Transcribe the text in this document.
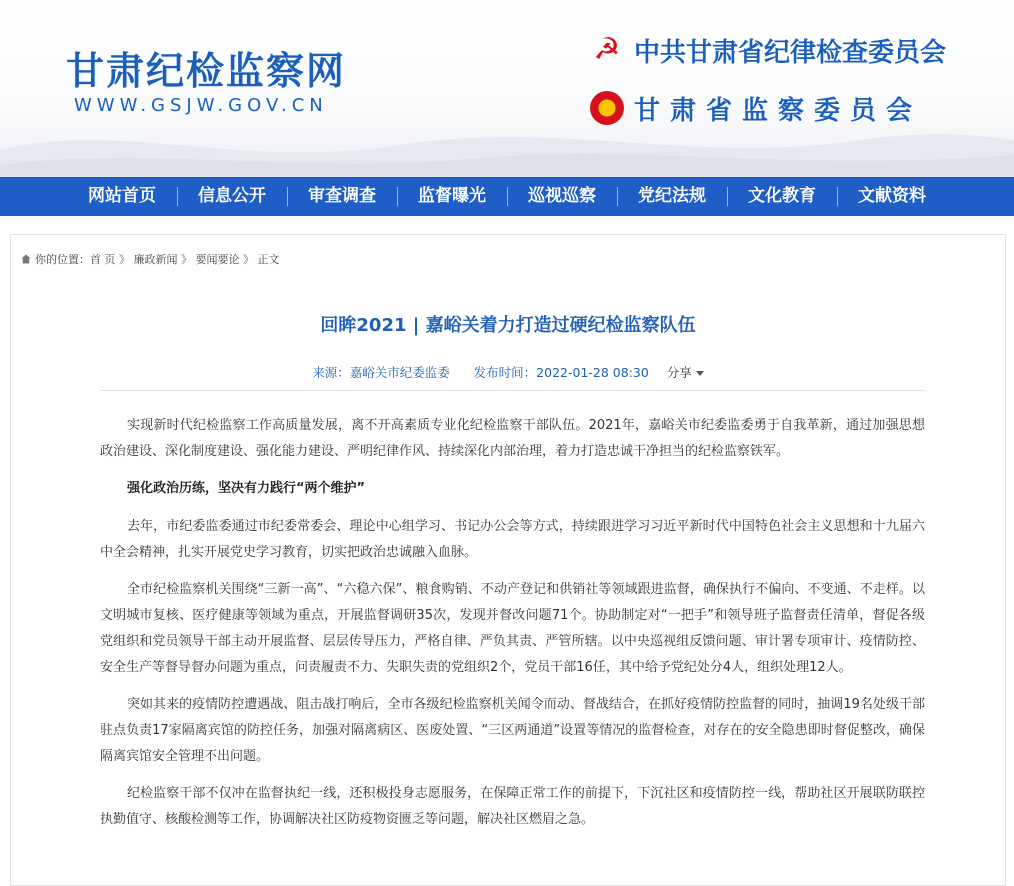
甘肃纪检监察网
WWW.GSJW.GOV.CN
☭ 中共甘肃省纪律检查委员会
甘肃省监察委员会
网站首页	信息公开	审查调查	监督曝光	巡视巡察	党纪法规	文化教育	文献资料
你的位置： 首 页 》
廉政新闻 》
要闻要论 》
正文
回眸2021 | 嘉峪关着力打造过硬纪检监察队伍
来源：嘉峪关市纪委监委 发布时间：2022-01-28 08:30 分享

实现新时代纪检监察工作高质量发展，离不开高素质专业化纪检监察干部队伍。2021年，嘉峪关市纪委监委勇于自我革新，通过加强思想政治建设、深化制度建设、强化能力建设、严明纪律作风、持续深化内部治理，着力打造忠诚干净担当的纪检监察铁军。

强化政治历练，坚决有力践行“两个维护”

去年，市纪委监委通过市纪委常委会、理论中心组学习、书记办公会等方式，持续跟进学习习近平新时代中国特色社会主义思想和十九届六中全会精神，扎实开展党史学习教育，切实把政治忠诚融入血脉。

全市纪检监察机关围绕“三新一高”、“六稳六保”、粮食购销、不动产登记和供销社等领域跟进监督，确保执行不偏向、不变通、不走样。以文明城市复核、医疗健康等领域为重点，开展监督调研35次，发现并督改问题71个。协助制定对“一把手”和领导班子监督责任清单，督促各级党组织和党员领导干部主动开展监督、层层传导压力，严格自律、严负其责、严管所辖。以中央巡视组反馈问题、审计署专项审计、疫情防控、安全生产等督导督办问题为重点，问责履责不力、失职失责的党组织2个，党员干部16任，其中给予党纪处分4人，组织处理12人。

突如其来的疫情防控遭遇战、阻击战打响后，全市各级纪检监察机关闻令而动、督战结合，在抓好疫情防控监督的同时，抽调19名处级干部驻点负责17家隔离宾馆的防控任务，加强对隔离病区、医废处置、“三区两通道”设置等情况的监督检查，对存在的安全隐患即时督促整改，确保隔离宾馆安全管理不出问题。

纪检监察干部不仅冲在监督执纪一线，还积极投身志愿服务，在保障正常工作的前提下，下沉社区和疫情防控一线，帮助社区开展联防联控执勤值守、核酸检测等工作，协调解决社区防疫物资匮乏等问题，解决社区燃眉之急。
